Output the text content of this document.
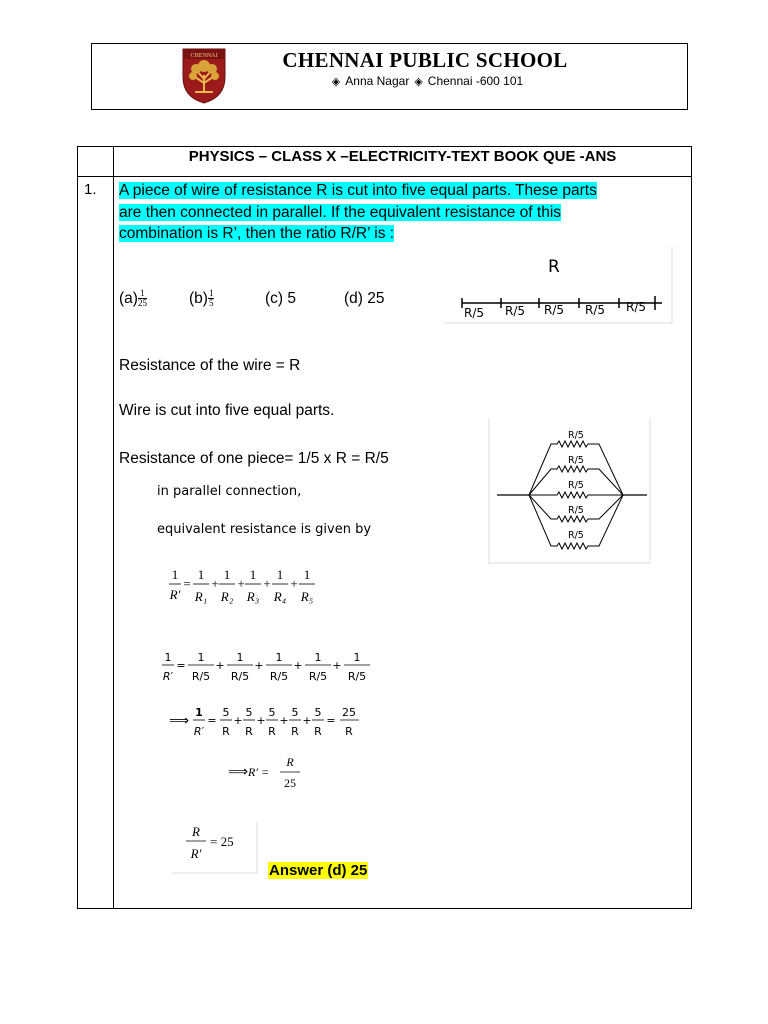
CHENNAI	CHENNAI PUBLIC SCHOOL
◈ Anna Nagar ◈ Chennai -600 101
PHYSICS – CLASS X –ELECTRICITY-TEXT BOOK QUE -ANS
1. A piece of wire of resistance R is cut into five equal parts. These parts
are then connected in parallel. If the equivalent resistance of this
combination is R’, then the ratio R/R’ is :
$(a) \frac{1}{25}$	$(b) \frac{1}{5}$	(c) 5	(d) 25
R
R/5 R/5 R/5 R/5 R/5
Resistance of the wire = R
Wire is cut into five equal parts.
Resistance of one piece= 1/5 x R = R/5
R/5
R/5
R/5
R/5
R/5
in parallel connection,
equivalent resistance is given by
1
R′
=
1
R₁
+
1
R₂
+
1
R₃
+
1
R₄
+
1
R₅
1
R′
=
1
R/5
+
1
R/5
+
1
R/5
+
1
R/5
+
1
R/5
⟹
1
R′
=
5
R
+
5
R
+
5
R
+
5
R
+
5
R
=
25
R
⟹ R′ =
R
25
R
R′
= 25
Answer (d) 25
